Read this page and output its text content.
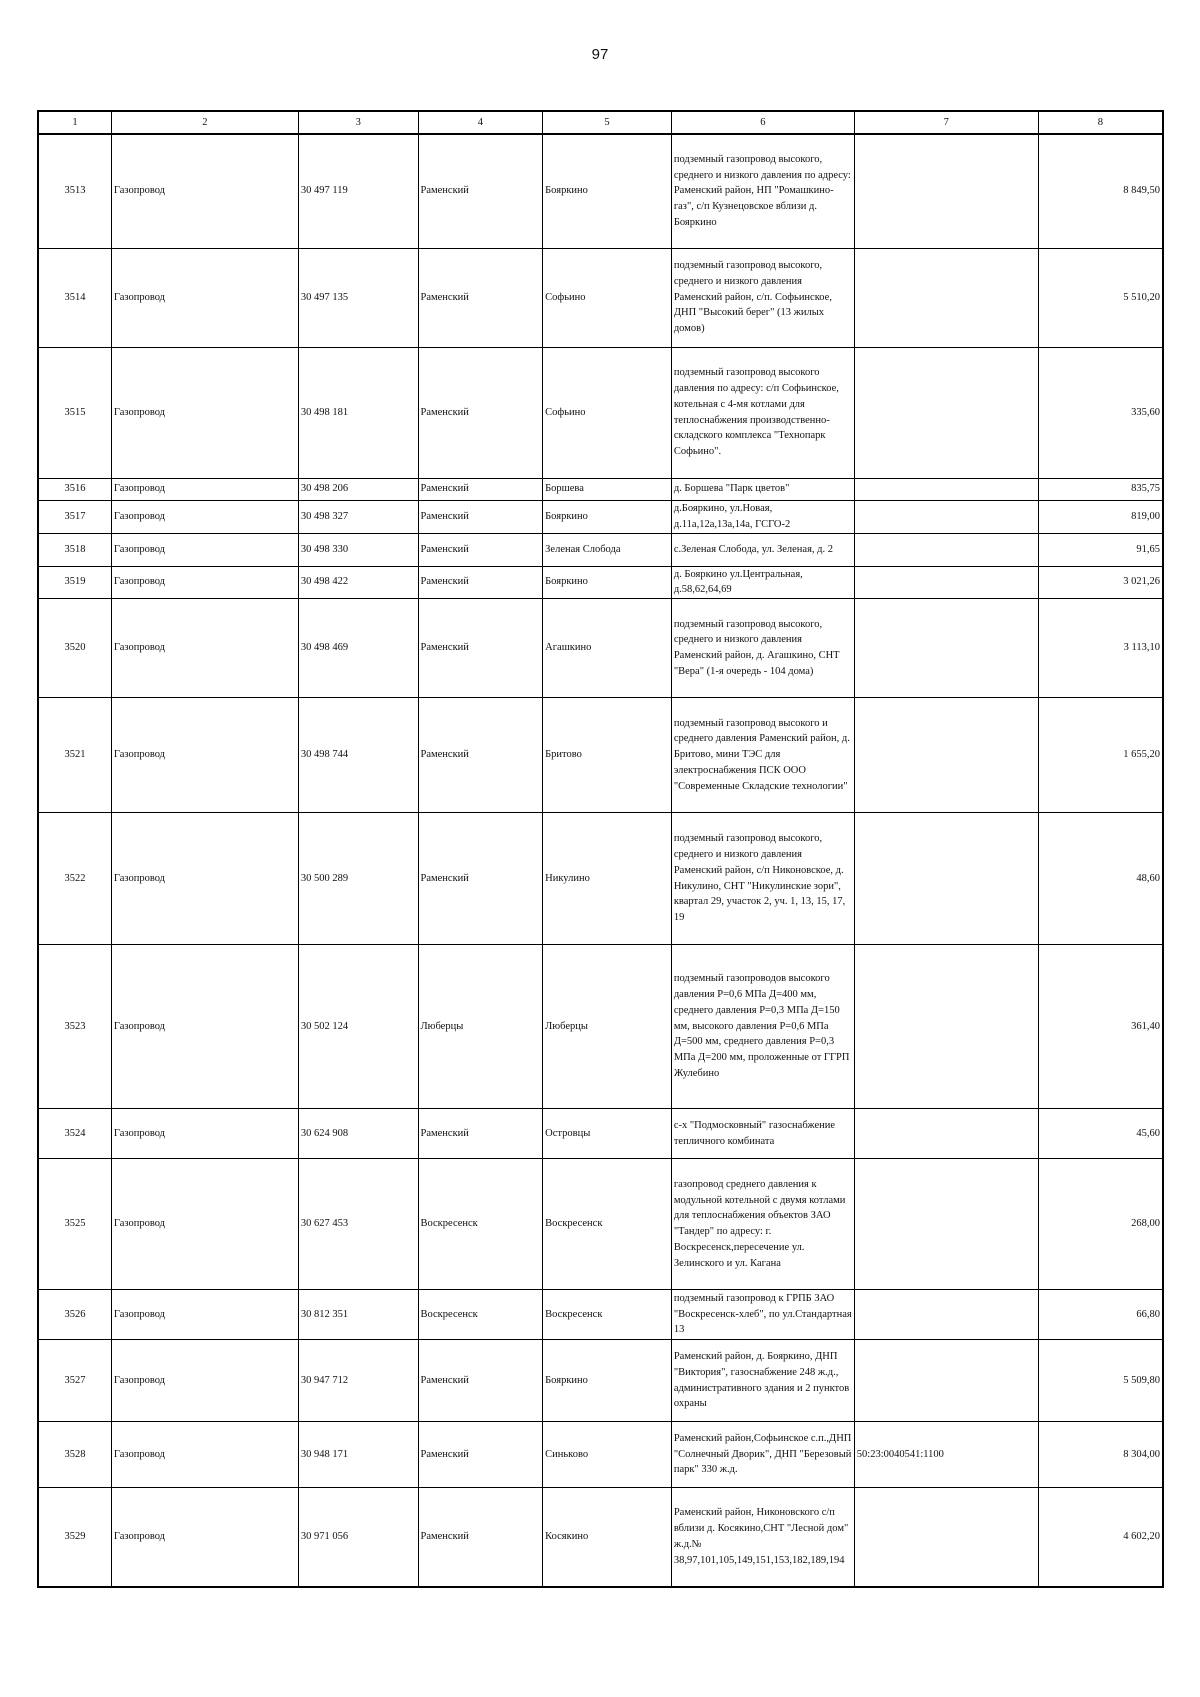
97
1	2	3	4	5	6	7	8
3513	Газопровод	30 497 119	Раменский	Бояркино	подземный газопровод высокого, среднего и низкого давления по адресу: Раменский район, НП "Ромашкино-газ", с/п Кузнецовское вблизи д. Бояркино		8 849,50
3514	Газопровод	30 497 135	Раменский	Софьино	подземный газопровод высокого, среднего и низкого давления Раменский район, с/п. Софьинское, ДНП "Высокий берег" (13 жилых домов)		5 510,20
3515	Газопровод	30 498 181	Раменский	Софьино	подземный газопровод высокого давления по адресу: с/п Софьинское, котельная с 4-мя котлами для теплоснабжения производственно-складского комплекса "Технопарк Софьино".		335,60
3516	Газопровод	30 498 206	Раменский	Боршева	д. Боршева "Парк цветов"		835,75
3517	Газопровод	30 498 327	Раменский	Бояркино	д.Бояркино, ул.Новая, д.11а,12а,13а,14а, ГСГО-2		819,00
3518	Газопровод	30 498 330	Раменский	Зеленая Слобода	с.Зеленая Слобода, ул. Зеленая, д. 2		91,65
3519	Газопровод	30 498 422	Раменский	Бояркино	д. Бояркино ул.Центральная, д.58,62,64,69		3 021,26
3520	Газопровод	30 498 469	Раменский	Агашкино	подземный газопровод высокого, среднего и низкого давления Раменский район, д. Агашкино, СНТ "Вера" (1-я очередь - 104 дома)		3 113,10
3521	Газопровод	30 498 744	Раменский	Бритово	подземный газопровод высокого и среднего давления Раменский район, д. Бритово, мини ТЭС для электроснабжения ПСК ООО "Современные Складские технологии"		1 655,20
3522	Газопровод	30 500 289	Раменский	Никулино	подземный газопровод высокого, среднего и низкого давления Раменский район, с/п Никоновское, д. Никулино, СНТ "Никулинские зори", квартал 29, участок 2, уч. 1, 13, 15, 17, 19		48,60
3523	Газопровод	30 502 124	Люберцы	Люберцы	подземный газопроводов высокого давления Р=0,6 МПа Д=400 мм, среднего давления Р=0,3 МПа Д=150 мм, высокого давления Р=0,6 МПа Д=500 мм, среднего давления Р=0,3 МПа Д=200 мм, проложенные от ГГРП Жулебино		361,40
3524	Газопровод	30 624 908	Раменский	Островцы	с-х "Подмосковный" газоснабжение тепличного комбината		45,60
3525	Газопровод	30 627 453	Воскресенск	Воскресенск	газопровод среднего давления к модульной котельной с двумя котлами для теплоснабжения объектов ЗАО "Тандер" по адресу: г. Воскресенск,пересечение ул. Зелинского и ул. Кагана		268,00
3526	Газопровод	30 812 351	Воскресенск	Воскресенск	подземный газопровод к ГРПБ ЗАО "Воскресенск-хлеб", по ул.Стандартная 13		66,80
3527	Газопровод	30 947 712	Раменский	Бояркино	Раменский район, д. Бояркино, ДНП "Виктория", газоснабжение 248 ж.д., административного здания и 2 пунктов охраны		5 509,80
3528	Газопровод	30 948 171	Раменский	Синьково	Раменский район,Софьинское с.п.,ДНП "Солнечный Дворик", ДНП "Березовый парк" 330 ж.д.	50:23:0040541:1100	8 304,00
3529	Газопровод	30 971 056	Раменский	Косякино	Раменский район, Никоновского с/п вблизи д. Косякино,СНТ "Лесной дом" ж.д.№ 38,97,101,105,149,151,153,182,189,194		4 602,20
